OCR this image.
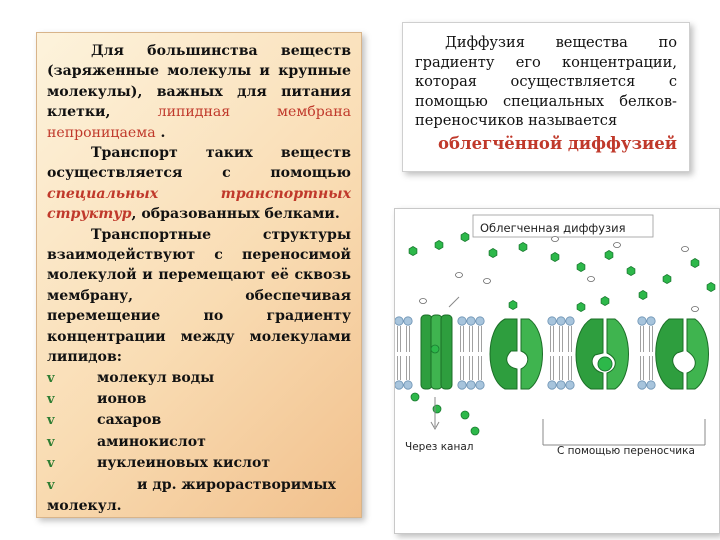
Для большинства веществ (заряженные молекулы и крупные молекулы), важных для питания клетки, липидная мембрана непроницаема .

Транспорт таких веществ осуществляется с помощью специальных транспортных структур, образованных белками.

Транспортные структуры взаимодействуют с переносимой молекулой и перемещают её сквозь мембрану, обеспечивая перемещение по градиенту концентрации между молекулами липидов:

v	молекул воды
v	ионов
v	сахаров
v	аминокислот
v	нуклеиновых кислот
v	и др. жирорастворимых

молекул.

Диффузия вещества по градиенту его концентрации, которая осуществляется с помощью специальных белков-переносчиков называется

облегчённой диффузией
Облегченная диффузия
Через канал	С помощью переносчика
